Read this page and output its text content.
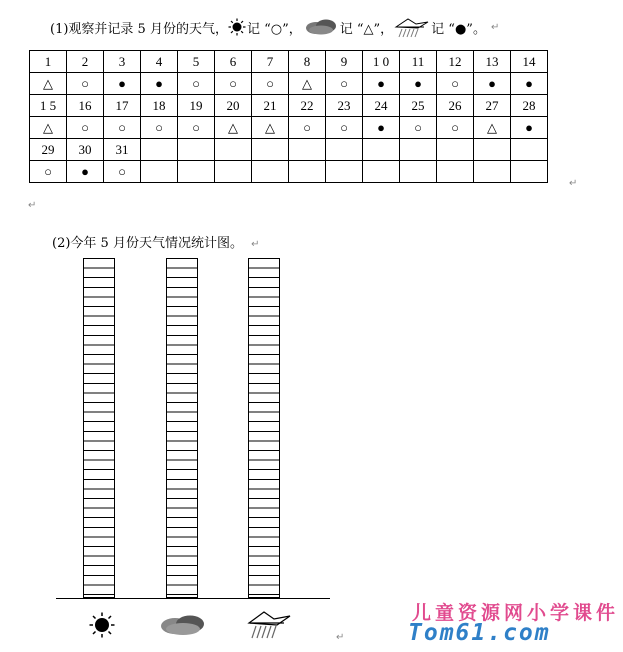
(1)观察并记录 5 月份的天气， 记 “○”，	记 “△”，	记 “●”。 ↵
1	2	3	4	5	6	7	8	9	1 0	11	12	13	14
△	○	●	●	○	○	○	△	○	●	●	○	●	●
1 5	16	17	18	19	20	21	22	23	24	25	26	27	28
△	○	○	○	○	△	△	○	○	●	○	○	△	●
29	30	31											
○	●	○											
↵
↵
(2)今年 5 月份天气情况统计图。 ↵
↵
儿童资源网小学课件
Tom61.com
